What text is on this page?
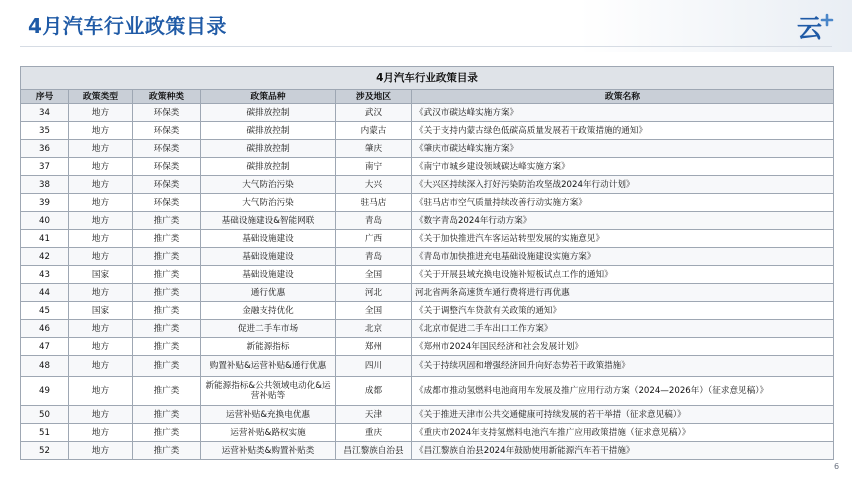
4月汽车行业政策目录	云
4月汽车行业政策目录					
序号	政策类型	政策种类	政策品种	涉及地区	政策名称
34	地方	环保类	碳排放控制	武汉	《武汉市碳达峰实施方案》
35	地方	环保类	碳排放控制	内蒙古	《关于支持内蒙古绿色低碳高质量发展若干政策措施的通知》
36	地方	环保类	碳排放控制	肇庆	《肇庆市碳达峰实施方案》
37	地方	环保类	碳排放控制	南宁	《南宁市城乡建设领域碳达峰实施方案》
38	地方	环保类	大气防治污染	大兴	《大兴区持续深入打好污染防治攻坚战2024年行动计划》
39	地方	环保类	大气防治污染	驻马店	《驻马店市空气质量持续改善行动实施方案》
40	地方	推广类	基础设施建设&智能网联	青岛	《数字青岛2024年行动方案》
41	地方	推广类	基础设施建设	广西	《关于加快推进汽车客运站转型发展的实施意见》
42	地方	推广类	基础设施建设	青岛	《青岛市加快推进充电基础设施建设实施方案》
43	国家	推广类	基础设施建设	全国	《关于开展县域充换电设施补短板试点工作的通知》
44	地方	推广类	通行优惠	河北	河北省两条高速货车通行费将进行再优惠
45	国家	推广类	金融支持优化	全国	《关于调整汽车贷款有关政策的通知》
46	地方	推广类	促进二手车市场	北京	《北京市促进二手车出口工作方案》
47	地方	推广类	新能源指标	郑州	《郑州市2024年国民经济和社会发展计划》
48	地方	推广类	购置补贴&运营补贴&通行优惠	四川	《关于持续巩固和增强经济回升向好态势若干政策措施》
49	地方	推广类	新能源指标&公共领域电动化&运营补贴等	成都	《成都市推动氢燃料电池商用车发展及推广应用行动方案（2024—2026年）（征求意见稿）》
50	地方	推广类	运营补贴&充换电优惠	天津	《关于推进天津市公共交通健康可持续发展的若干举措（征求意见稿）》
51	地方	推广类	运营补贴&路权实施	重庆	《重庆市2024年支持氢燃料电池汽车推广应用政策措施（征求意见稿）》
52	地方	推广类	运营补贴类&购置补贴类	昌江黎族自治县	《昌江黎族自治县2024年鼓励使用新能源汽车若干措施》
6
